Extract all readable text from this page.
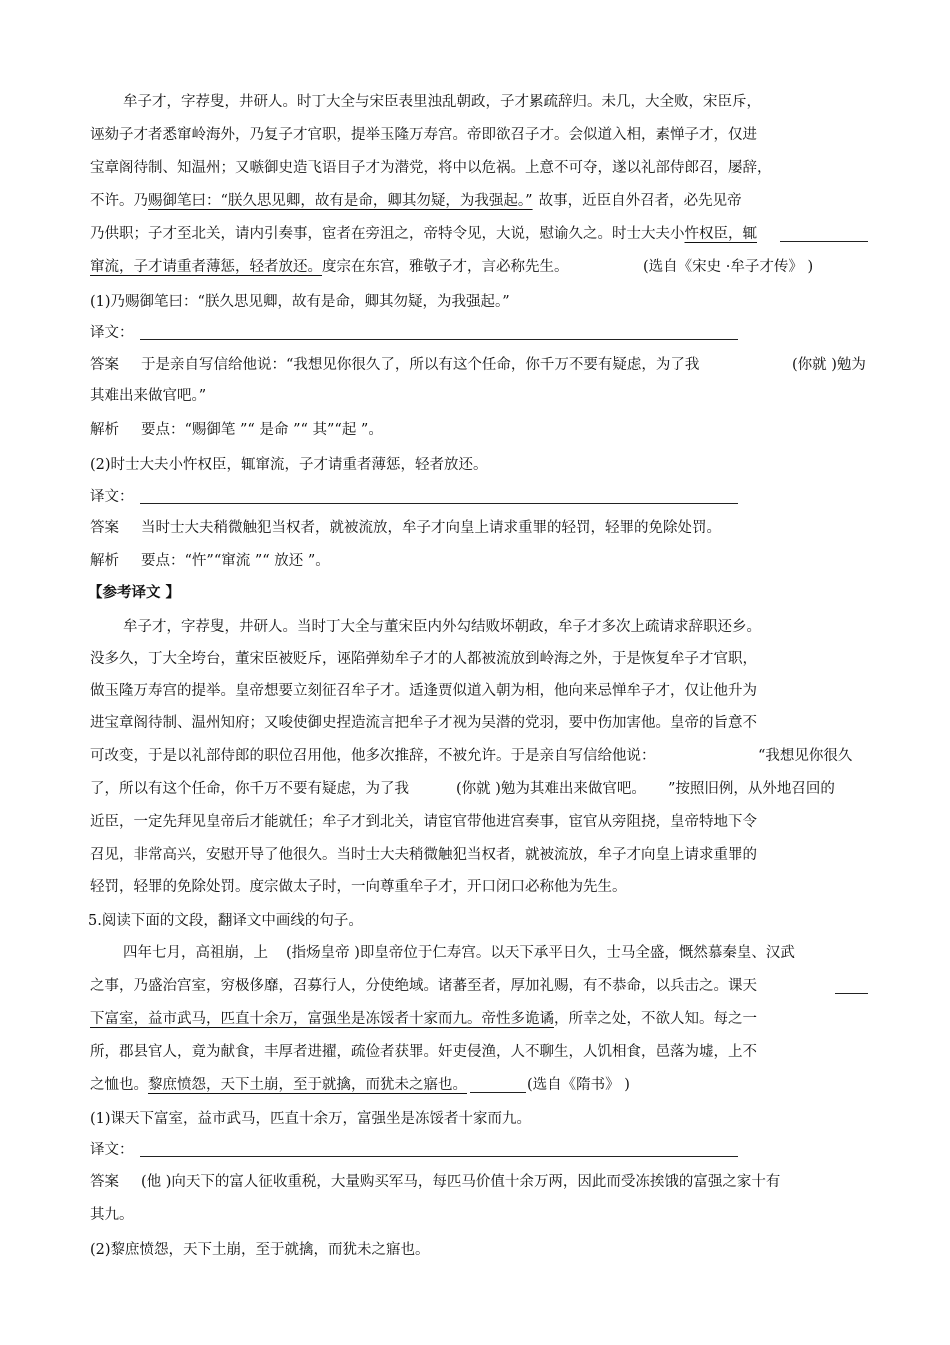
牟子才，字荐叟，井研人。时丁大全与宋臣表里浊乱朝政，子才累疏辞归。未几，大全败，宋臣斥，
诬劾子才者悉窜岭海外，乃复子才官职，提举玉隆万寿宫。帝即欲召子才。会似道入相，素惮子才，仅进
宝章阁待制、知温州；又嗾御史造飞语目子才为潜党，将中以危祸。上意不可夺，遂以礼部侍郎召，屡辞，
不许。乃赐御笔曰：“朕久思见卿，故有是命，卿其勿疑，为我强起。” 故事，近臣自外召者，必先见帝
乃供职；子才至北关，请内引奏事，宦者在旁沮之，帝特令见，大说，慰谕久之。时士大夫小忤权臣，辄
窜流，子才请重者薄惩，轻者放还。度宗在东宫，雅敬子才，言必称先生。	(选自《宋史 ·牟子才传》 )
(1)乃赐御笔曰：“朕久思见卿，故有是命，卿其勿疑，为我强起。”
译文：
答案 于是亲自写信给他说：“我想见你很久了，所以有这个任命，你千万不要有疑虑，为了我	(你就 )勉为
其难出来做官吧。”
解析 要点：“赐御笔 ”“ 是命 ”“ 其”“起 ”。
(2)时士大夫小忤权臣，辄窜流，子才请重者薄惩，轻者放还。
译文：
答案 当时士大夫稍微触犯当权者，就被流放，牟子才向皇上请求重罪的轻罚，轻罪的免除处罚。
解析 要点：“忤”“窜流 ”“ 放还 ”。
【参考译文 】
牟子才，字荐叟，井研人。当时丁大全与董宋臣内外勾结败坏朝政，牟子才多次上疏请求辞职还乡。
没多久，丁大全垮台，董宋臣被贬斥，诬陷弹劾牟子才的人都被流放到岭海之外，于是恢复牟子才官职，
做玉隆万寿宫的提举。皇帝想要立刻征召牟子才。适逢贾似道入朝为相，他向来忌惮牟子才，仅让他升为
进宝章阁待制、温州知府；又唆使御史捏造流言把牟子才视为吴潜的党羽，要中伤加害他。皇帝的旨意不
可改变，于是以礼部侍郎的职位召用他，他多次推辞，不被允许。于是亲自写信给他说：	“我想见你很久
了，所以有这个任命，你千万不要有疑虑，为了我	(你就 )勉为其难出来做官吧。 ”按照旧例，从外地召回的
近臣，一定先拜见皇帝后才能就任；牟子才到北关，请宦官带他进宫奏事，宦官从旁阻挠，皇帝特地下令
召见，非常高兴，安慰开导了他很久。当时士大夫稍微触犯当权者，就被流放，牟子才向皇上请求重罪的
轻罚，轻罪的免除处罚。度宗做太子时，一向尊重牟子才，开口闭口必称他为先生。
5.阅读下面的文段，翻译文中画线的句子。
四年七月，高祖崩，上 (指炀皇帝 )即皇帝位于仁寿宫。以天下承平日久，士马全盛，慨然慕秦皇、汉武
之事，乃盛治宫室，穷极侈靡，召募行人，分使绝域。诸蕃至者，厚加礼赐，有不恭命，以兵击之。课天
下富室，益市武马，匹直十余万，富强坐是冻馁者十家而九。帝性多诡谲，所幸之处，不欲人知。每之一
所，郡县官人，竟为献食，丰厚者进擢，疏俭者获罪。奸吏侵渔，人不聊生，人饥相食，邑落为墟，上不
之恤也。黎庶愤怨，天下土崩，至于就擒，而犹未之寤也。	(选自《隋书》 )
(1)课天下富室，益市武马，匹直十余万，富强坐是冻馁者十家而九。
译文：
答案 (他 )向天下的富人征收重税，大量购买军马，每匹马价值十余万两，因此而受冻挨饿的富强之家十有
其九。
(2)黎庶愤怨，天下土崩，至于就擒，而犹未之寤也。
